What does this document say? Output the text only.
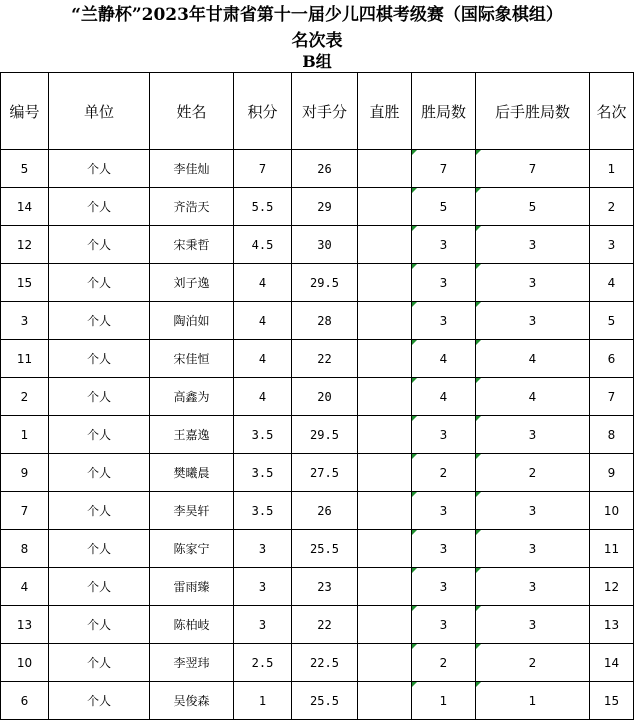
“兰静杯”2023年甘肃省第十一届少儿四棋考级赛（国际象棋组）
名次表
B组
编号	单位	姓名	积分	对手分	直胜	胜局数	后手胜局数	名次
5	个人	李佳灿	7	26		7	7	1
14	个人	齐浩天	5.5	29		5	5	2
12	个人	宋秉哲	4.5	30		3	3	3
15	个人	刘子逸	4	29.5		3	3	4
3	个人	陶泊如	4	28		3	3	5
11	个人	宋佳恒	4	22		4	4	6
2	个人	高鑫为	4	20		4	4	7
1	个人	王嘉逸	3.5	29.5		3	3	8
9	个人	樊曦晨	3.5	27.5		2	2	9
7	个人	李昊轩	3.5	26		3	3	10
8	个人	陈家宁	3	25.5		3	3	11
4	个人	雷雨臻	3	23		3	3	12
13	个人	陈柏岐	3	22		3	3	13
10	个人	李翌玮	2.5	22.5		2	2	14
6	个人	吴俊森	1	25.5		1	1	15
